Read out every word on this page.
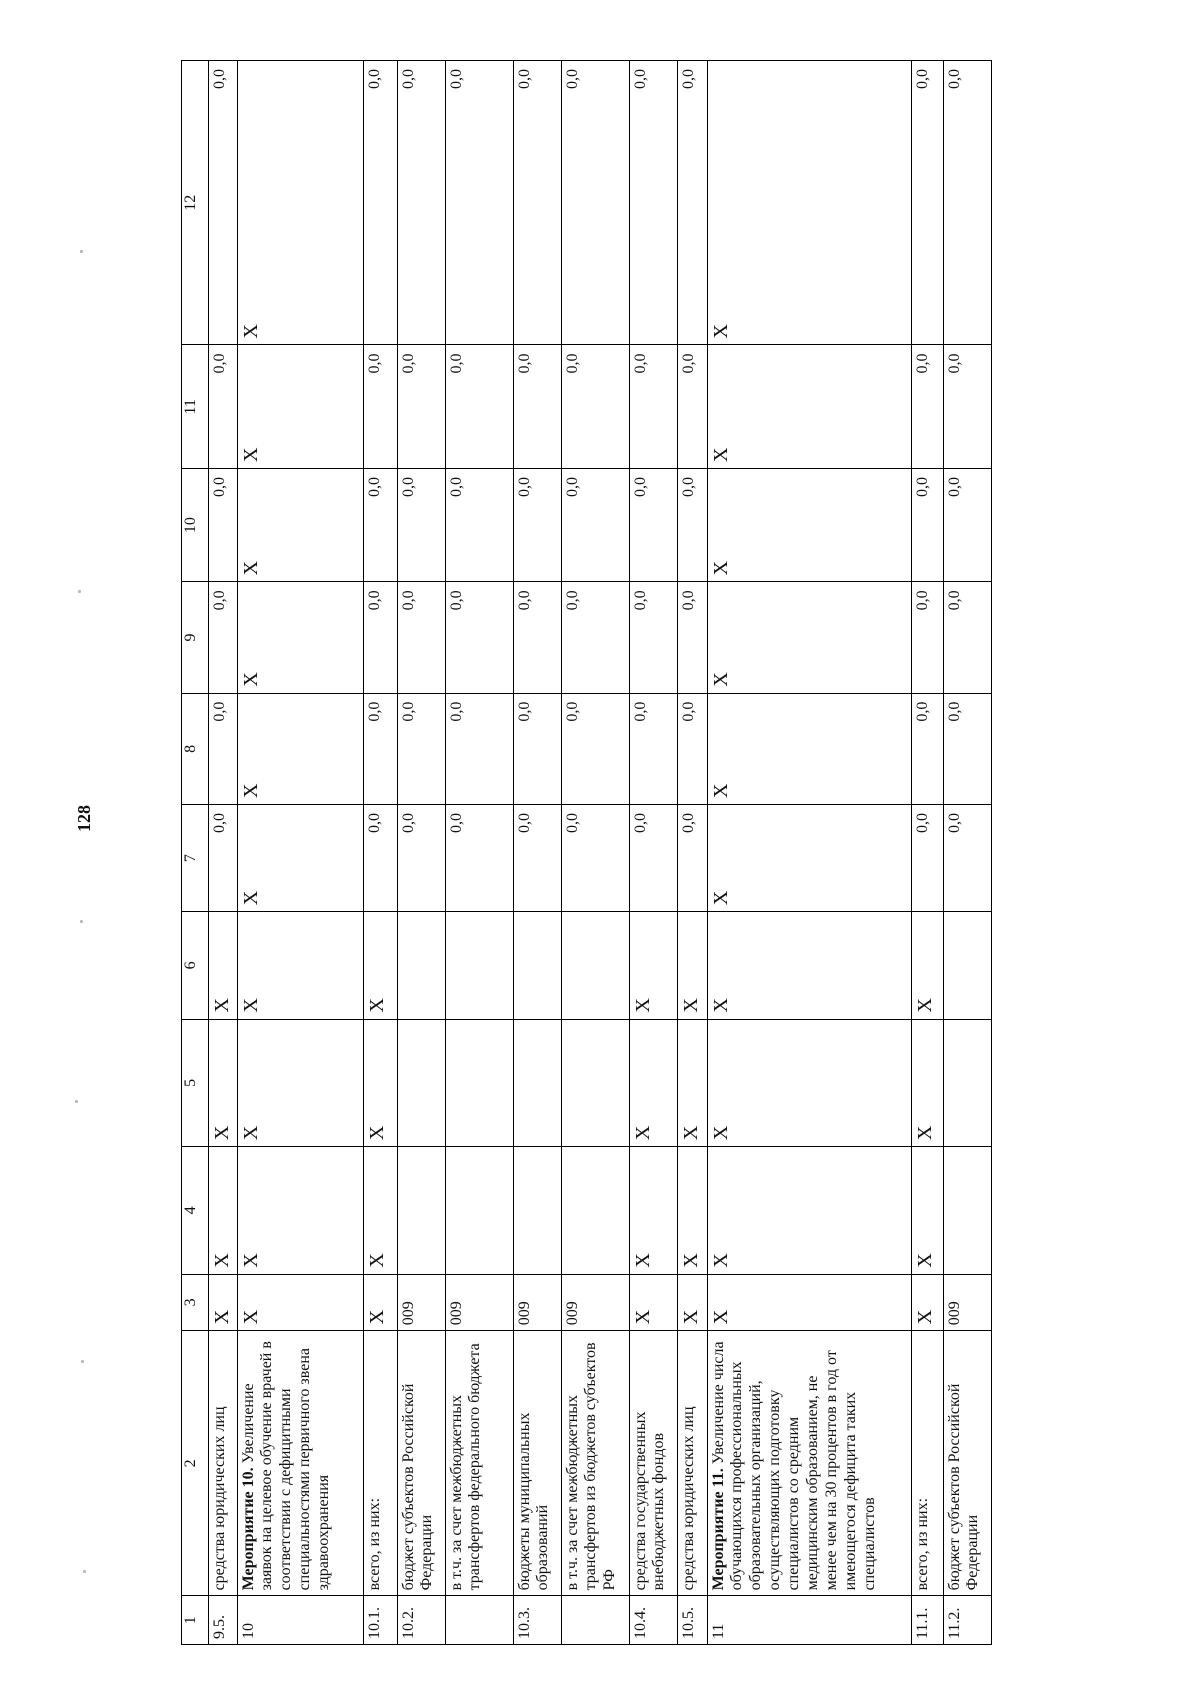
128
1	2	3	4	5	6	7	8	9	10	11	12
9.5.	средства юридических лиц	X	X	X	X	0,0	0,0	0,0	0,0	0,0	0,0
10	Мероприятие 10. Увеличение заявок на целевое обучение врачей в соответствии с дефицитными специальностями первичного звена здравоохранения	X	X	X	X	X	X	X	X	X	X
10.1.	всего, из них:	X	X	X	X	0,0	0,0	0,0	0,0	0,0	0,0
10.2.	бюджет субъектов Российской Федерации	009				0,0	0,0	0,0	0,0	0,0	0,0
	в т.ч. за счет межбюджетных трансфертов федерального бюджета	009				0,0	0,0	0,0	0,0	0,0	0,0
10.3.	бюджеты муниципальных образований	009				0,0	0,0	0,0	0,0	0,0	0,0
	в т.ч. за счет межбюджетных трансфертов из бюджетов субъектов РФ	009				0,0	0,0	0,0	0,0	0,0	0,0
10.4.	средства государственных внебюджетных фондов	X	X	X	X	0,0	0,0	0,0	0,0	0,0	0,0
10.5.	средства юридических лиц	X	X	X	X	0,0	0,0	0,0	0,0	0,0	0,0
11	Мероприятие 11. Увеличение числа обучающихся профессиональных образовательных организаций, осуществляющих подготовку специалистов со средним медицинским образованием, не менее чем на 30 процентов в год от имеющегося дефицита таких специалистов	X	X	X	X	X	X	X	X	X	X
11.1.	всего, из них:	X	X	X	X	0,0	0,0	0,0	0,0	0,0	0,0
11.2.	бюджет субъектов Российской Федерации	009				0,0	0,0	0,0	0,0	0,0	0,0
